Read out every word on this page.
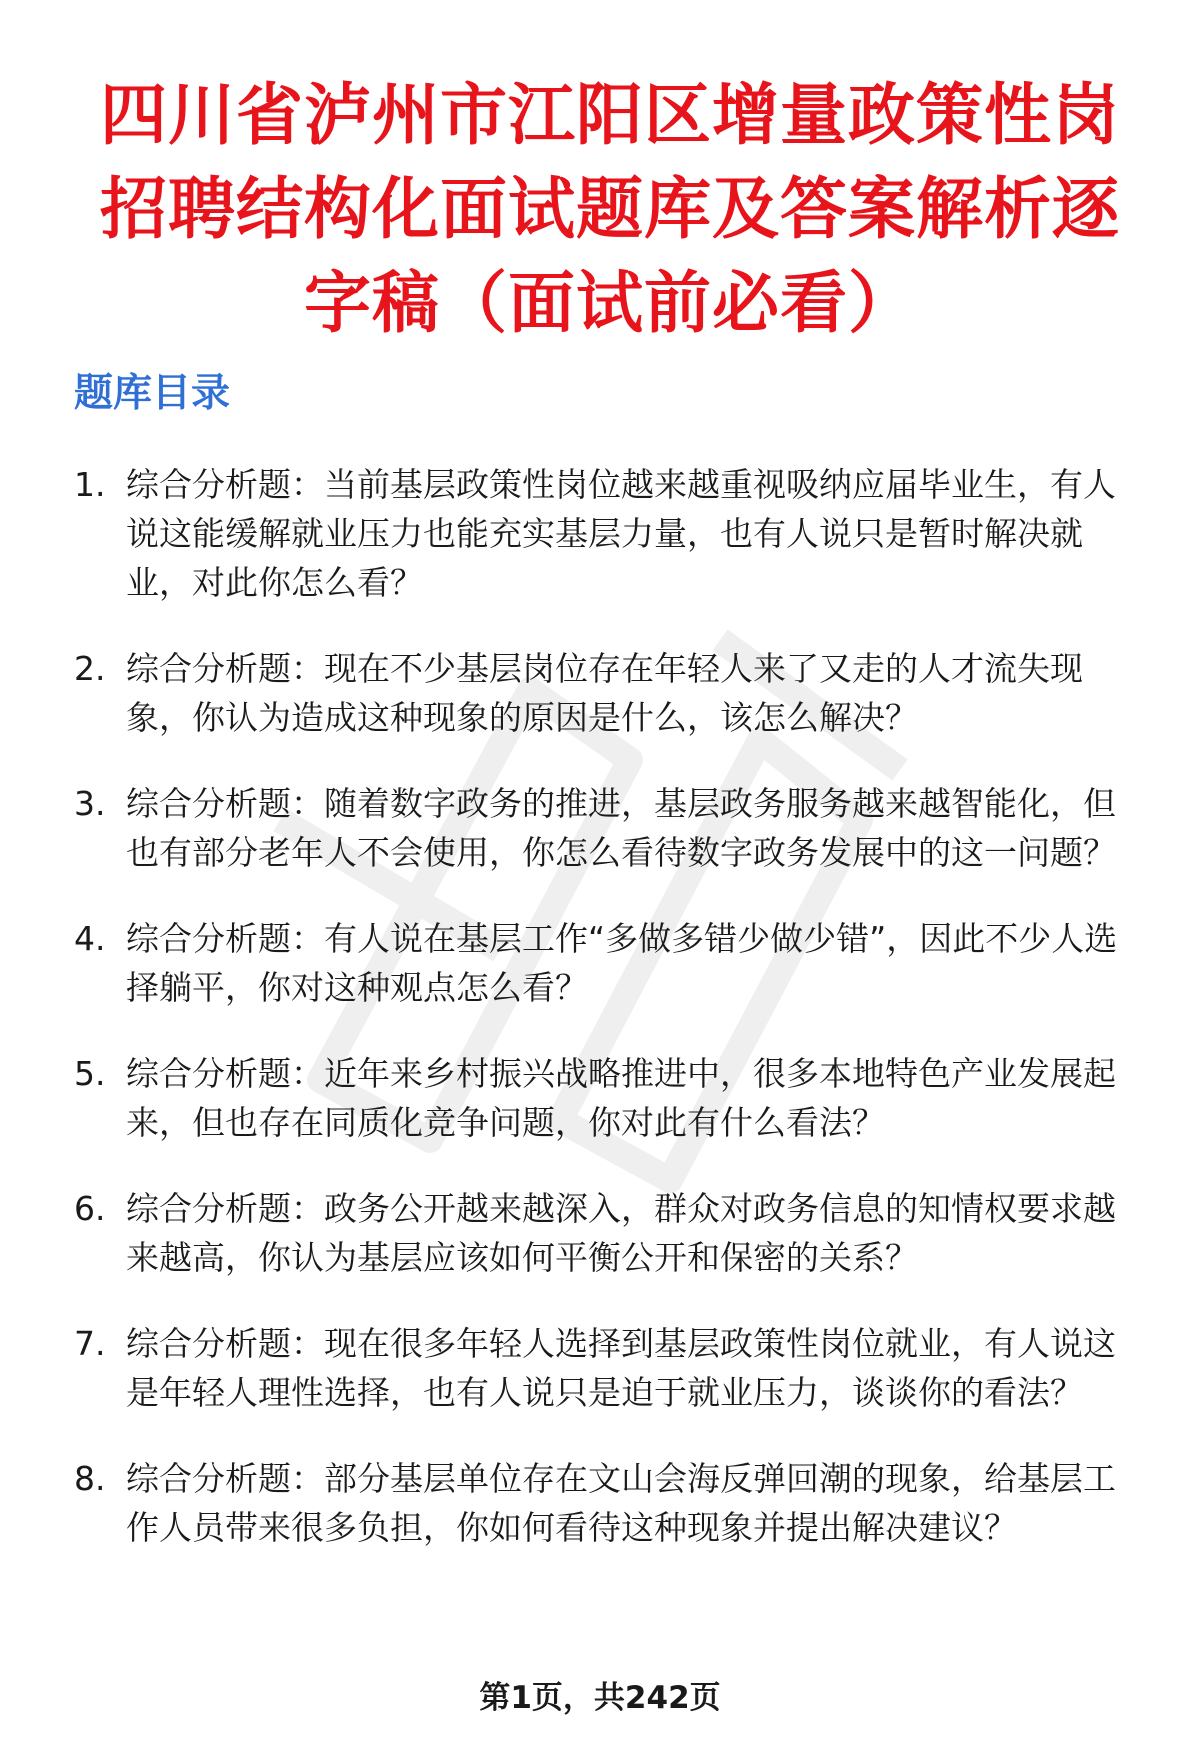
四川省泸州市江阳区增量政策性岗招聘结构化面试题库及答案解析逐字稿（面试前必看）
题库目录
1. 综合分析题：当前基层政策性岗位越来越重视吸纳应届毕业生，有人说这能缓解就业压力也能充实基层力量，也有人说只是暂时解决就业，对此你怎么看？
2. 综合分析题：现在不少基层岗位存在年轻人来了又走的人才流失现象，你认为造成这种现象的原因是什么，该怎么解决？
3. 综合分析题：随着数字政务的推进，基层政务服务越来越智能化，但也有部分老年人不会使用，你怎么看待数字政务发展中的这一问题？
4. 综合分析题：有人说在基层工作“多做多错少做少错”，因此不少人选择躺平，你对这种观点怎么看？
5. 综合分析题：近年来乡村振兴战略推进中，很多本地特色产业发展起来，但也存在同质化竞争问题，你对此有什么看法？
6. 综合分析题：政务公开越来越深入，群众对政务信息的知情权要求越来越高，你认为基层应该如何平衡公开和保密的关系？
7. 综合分析题：现在很多年轻人选择到基层政策性岗位就业，有人说这是年轻人理性选择，也有人说只是迫于就业压力，谈谈你的看法？
8. 综合分析题：部分基层单位存在文山会海反弹回潮的现象，给基层工作人员带来很多负担，你如何看待这种现象并提出解决建议？
第1页，共242页
